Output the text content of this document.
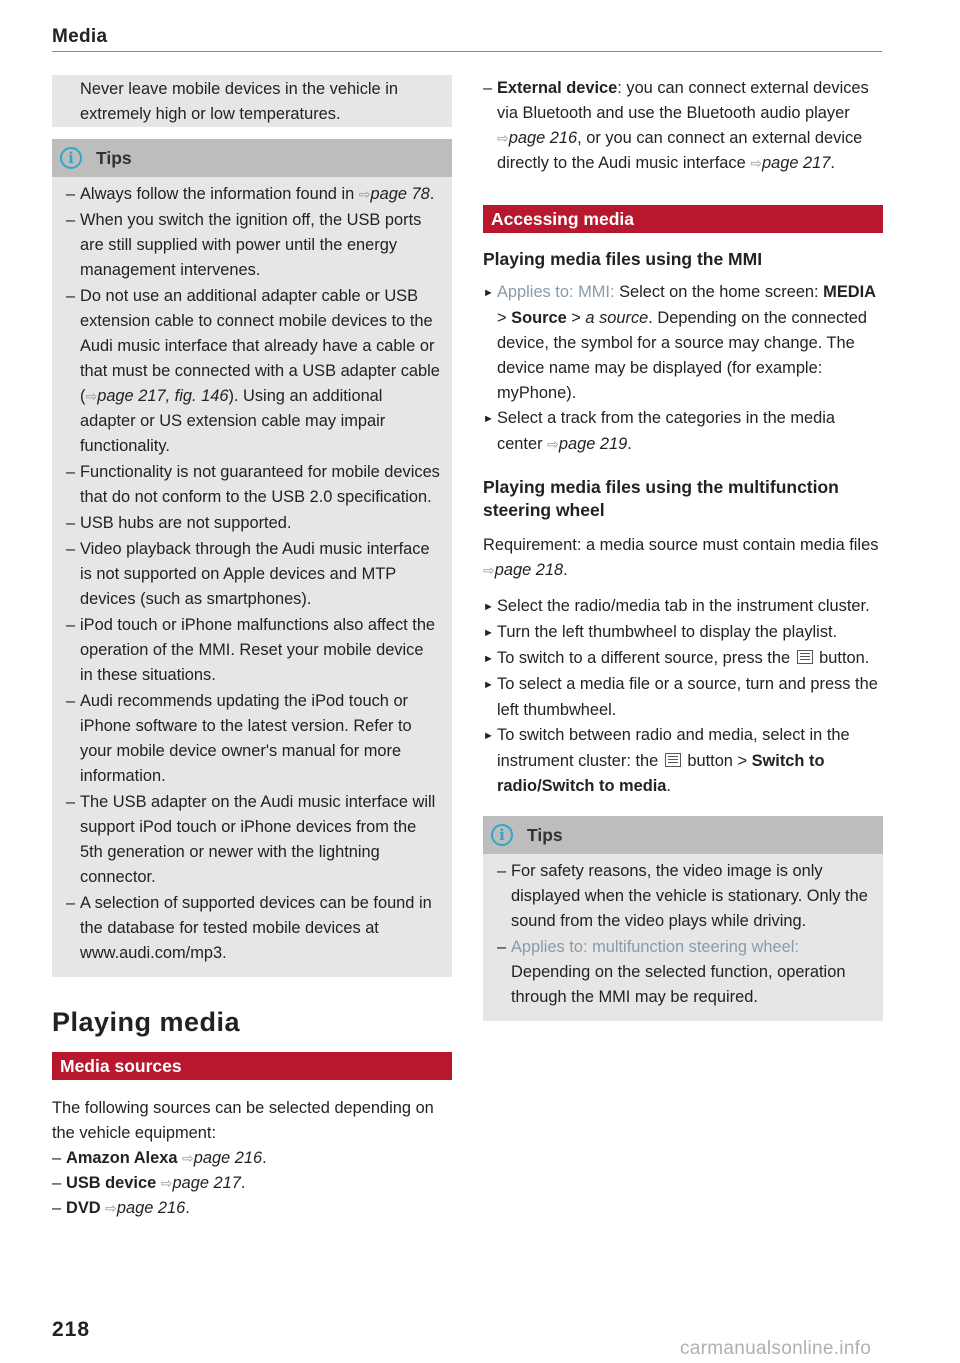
Media
Never leave mobile devices in the vehicle in
extremely high or low temperatures.
i	Tips
– Always follow the information found in ⇨page 78.
– When you switch the ignition off, the USB ports are still supplied with power until the energy management intervenes.
– Do not use an additional adapter cable or USB extension cable to connect mobile devices to the Audi music interface that already have a cable or that must be connected with a USB adapter cable (⇨page 217, fig. 146). Using an additional adapter or US extension cable may impair functionality.
– Functionality is not guaranteed for mobile devices that do not conform to the USB 2.0 specification.
– USB hubs are not supported.
– Video playback through the Audi music interface is not supported on Apple devices and MTP devices (such as smartphones).
– iPod touch or iPhone malfunctions also affect the operation of the MMI. Reset your mobile device in these situations.
– Audi recommends updating the iPod touch or iPhone software to the latest version. Refer to your mobile device owner's manual for more information.
– The USB adapter on the Audi music interface will support iPod touch or iPhone devices from the 5th generation or newer with the lightning connector.
– A selection of supported devices can be found in the database for tested mobile devices at www.audi.com/mp3.
Playing media
Media sources
The following sources can be selected depending on the vehicle equipment:
– Amazon Alexa ⇨page 216.
– USB device ⇨page 217.
– DVD ⇨page 216.
– External device: you can connect external devices via Bluetooth and use the Bluetooth audio player ⇨page 216, or you can connect an external device directly to the Audi music interface ⇨page 217.
Accessing media
Playing media files using the MMI
► Applies to: MMI: Select on the home screen: MEDIA > Source > a source. Depending on the connected device, the symbol for a source may change. The device name may be displayed (for example: myPhone).
► Select a track from the categories in the media center ⇨page 219.
Playing media files using the multifunction steering wheel
Requirement: a media source must contain media files ⇨page 218.
► Select the radio/media tab in the instrument cluster.
► Turn the left thumbwheel to display the playlist.
► To switch to a different source, press the  button.
► To select a media file or a source, turn and press the left thumbwheel.
► To switch between radio and media, select in the instrument cluster: the  button > Switch to radio/Switch to media.
i	Tips
– For safety reasons, the video image is only displayed when the vehicle is stationary. Only the sound from the video plays while driving.
– Applies to: multifunction steering wheel:
Depending on the selected function, operation through the MMI may be required.
218
carmanualsonline.info
